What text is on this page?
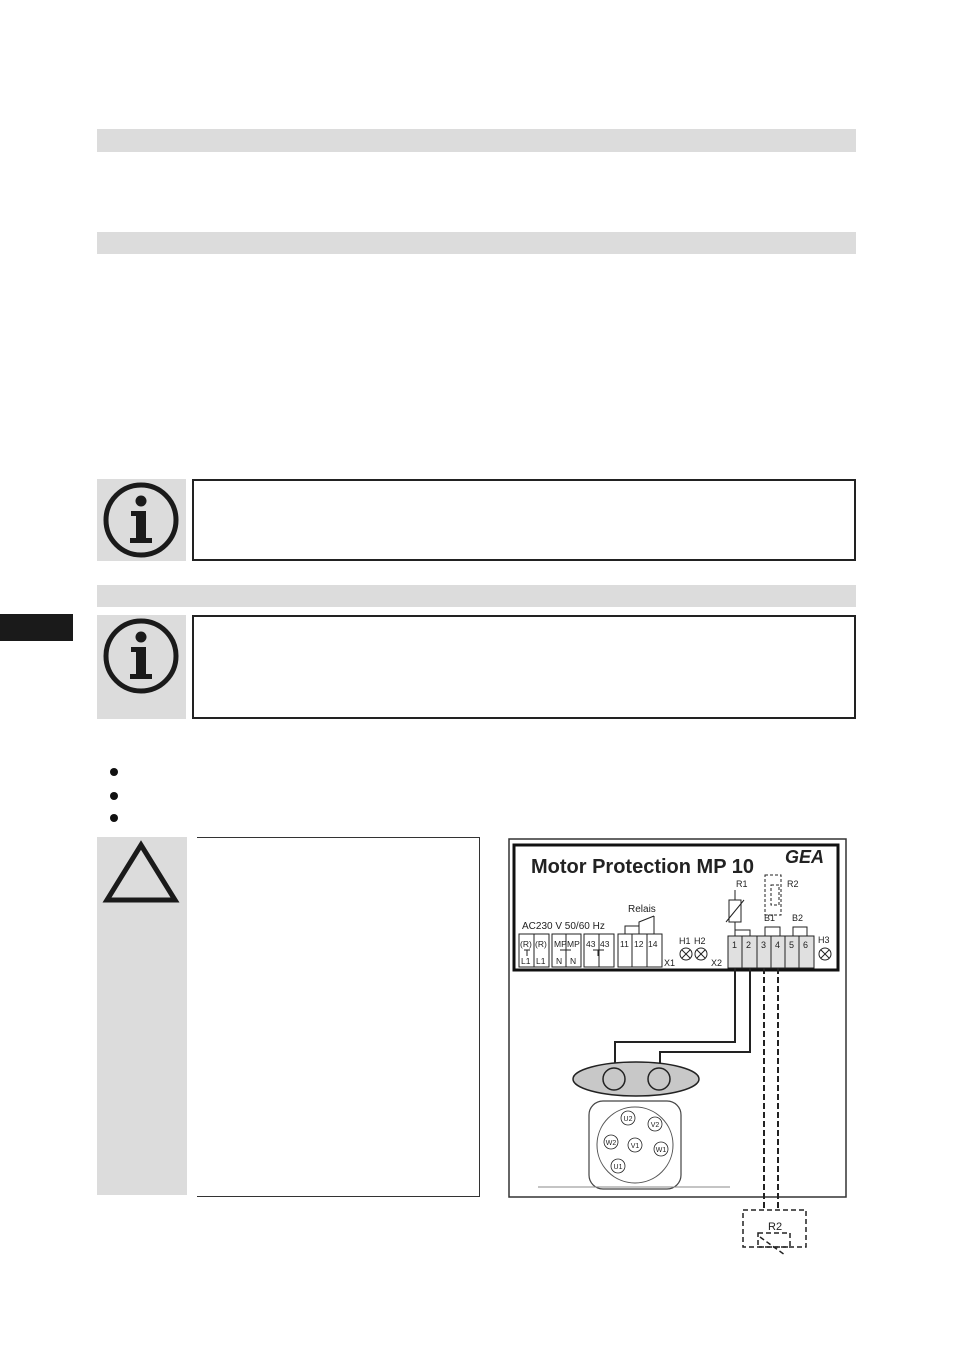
Motor Protection MP 10 GEA
AC230 V 50/60 Hz
(R) (R) MP MP 43 43 11 12 14
L1 L1 N N
Relais
X1
H1 H2
X2
R1	R2
B1 B2
1 2 3 4 5 6 H3
U2
V2
W2 V1
W1
U1
R2
